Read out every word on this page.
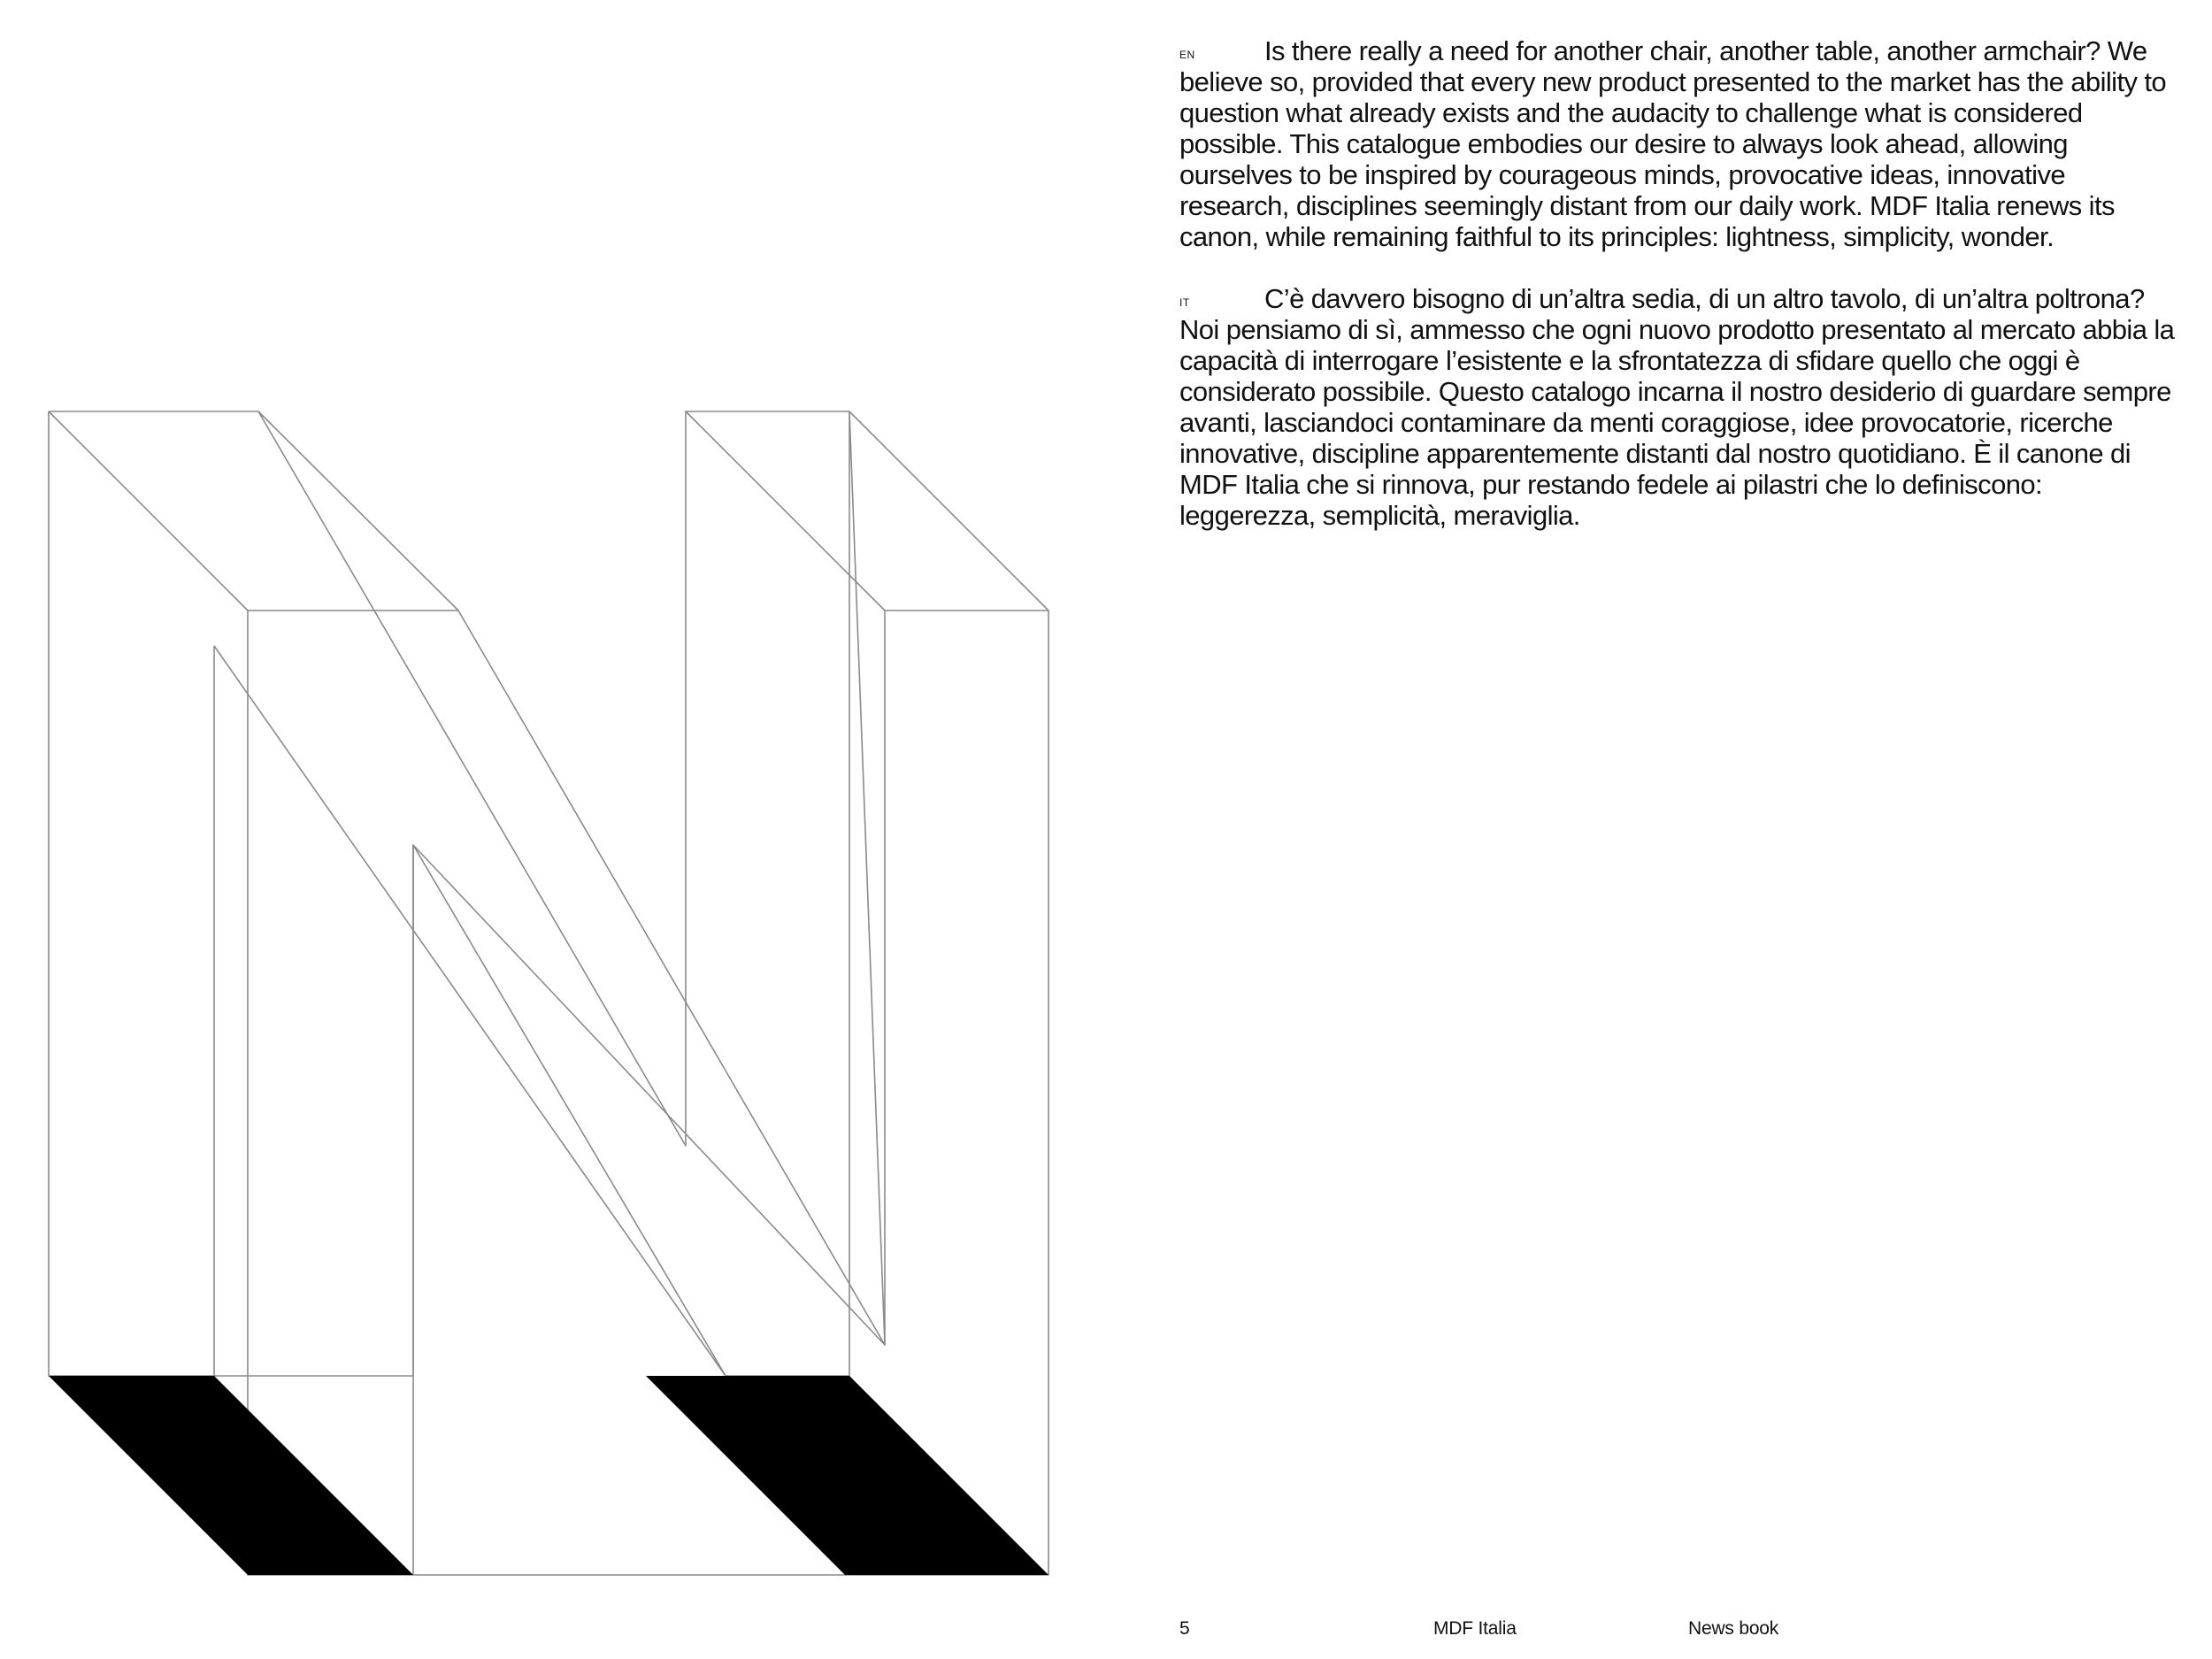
EN	Is there really a need for another chair, another table, another armchair? We believe so, provided that every new product presented to the market has the ability to question what already exists and the audacity to challenge what is considered possible. This catalogue embodies our desire to always look ahead, allowing ourselves to be inspired by courageous minds, provocative ideas, innovative research, disciplines seemingly distant from our daily work. MDF Italia renews its canon, while remaining faithful to its principles: lightness, simplicity, wonder.

IT	C’è davvero bisogno di un’altra sedia, di un altro tavolo, di un’altra poltrona? Noi pensiamo di sì, ammesso che ogni nuovo prodotto presentato al mercato abbia la capacità di interrogare l’esistente e la sfrontatezza di sfidare quello che oggi è considerato possibile. Questo catalogo incarna il nostro desiderio di guardare sempre avanti, lasciandoci contaminare da menti coraggiose, idee provocatorie, ricerche innovative, discipline apparentemente distanti dal nostro quotidiano. È il canone di MDF Italia che si rinnova, pur restando fedele ai pilastri che lo definiscono: leggerezza, semplicità, meraviglia.

5	MDF Italia	News book
